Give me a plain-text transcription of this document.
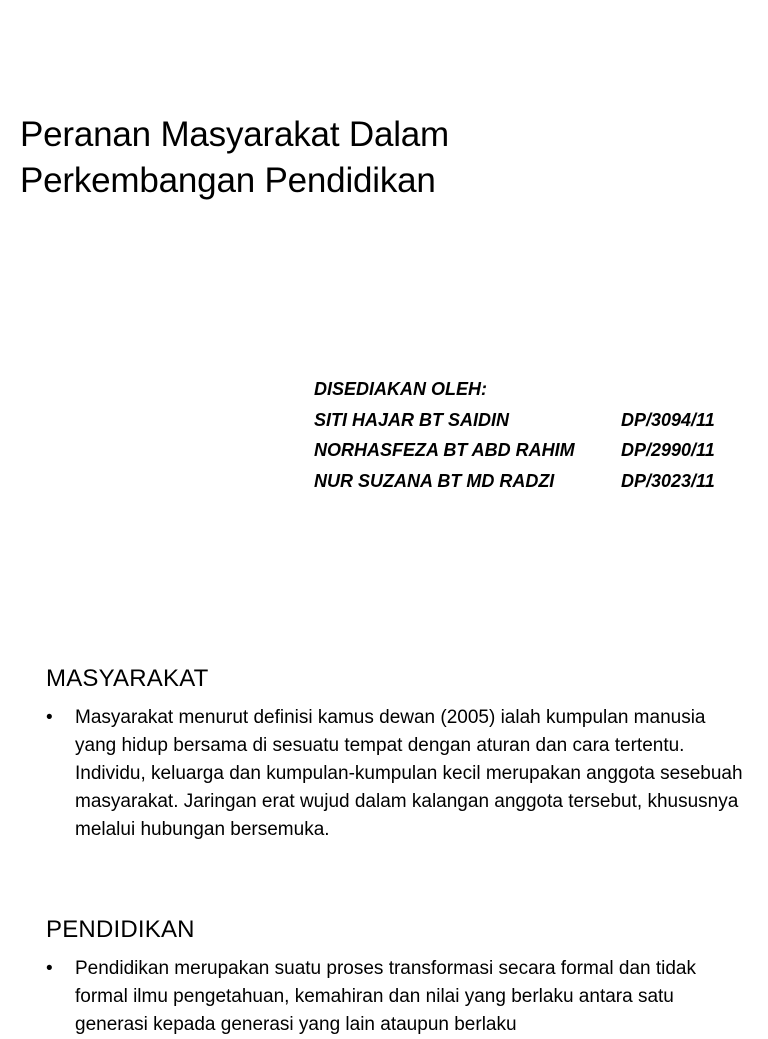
Peranan Masyarakat Dalam
Perkembangan Pendidikan
DISEDIAKAN OLEH:
SITI HAJAR BT SAIDIN	DP/3094/11
NORHASFEZA BT ABD RAHIM	DP/2990/11
NUR SUZANA BT MD RADZI	DP/3023/11
MASYARAKAT
• Masyarakat menurut definisi kamus dewan (2005) ialah kumpulan manusia yang hidup bersama di sesuatu tempat dengan aturan dan cara tertentu. Individu, keluarga dan kumpulan-kumpulan kecil merupakan anggota sesebuah masyarakat. Jaringan erat wujud dalam kalangan anggota tersebut, khususnya melalui hubungan bersemuka.
PENDIDIKAN
• Pendidikan merupakan suatu proses transformasi secara formal dan tidak formal ilmu pengetahuan, kemahiran dan nilai yang berlaku antara satu generasi kepada generasi yang lain ataupun berlaku
